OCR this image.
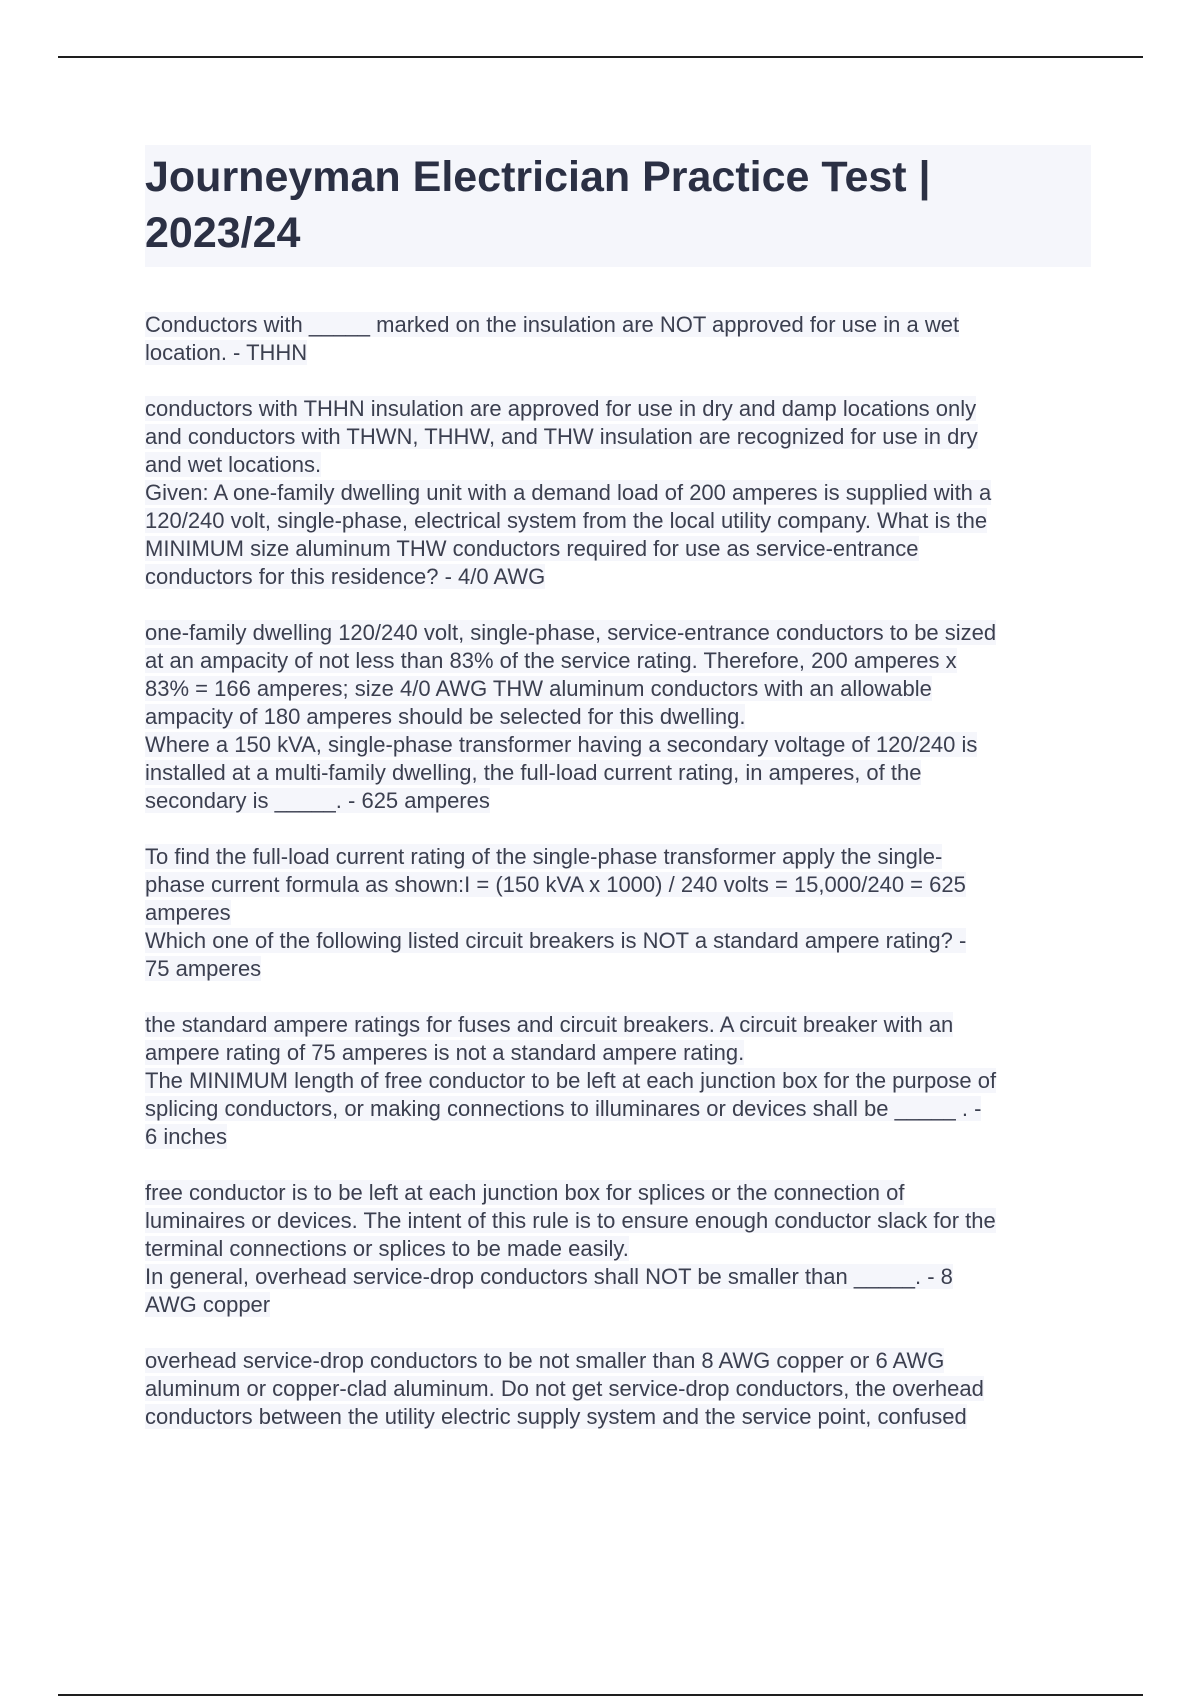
Journeyman Electrician Practice Test |
2023/24
Conductors with _____ marked on the insulation are NOT approved for use in a wet
location. - THHN
conductors with THHN insulation are approved for use in dry and damp locations only
and conductors with THWN, THHW, and THW insulation are recognized for use in dry
and wet locations.
Given: A one-family dwelling unit with a demand load of 200 amperes is supplied with a
120/240 volt, single-phase, electrical system from the local utility company. What is the
MINIMUM size aluminum THW conductors required for use as service-entrance
conductors for this residence? - 4/0 AWG
one-family dwelling 120/240 volt, single-phase, service-entrance conductors to be sized
at an ampacity of not less than 83% of the service rating. Therefore, 200 amperes x
83% = 166 amperes; size 4/0 AWG THW aluminum conductors with an allowable
ampacity of 180 amperes should be selected for this dwelling.
Where a 150 kVA, single-phase transformer having a secondary voltage of 120/240 is
installed at a multi-family dwelling, the full-load current rating, in amperes, of the
secondary is _____. - 625 amperes
To find the full-load current rating of the single-phase transformer apply the single-
phase current formula as shown:I = (150 kVA x 1000) / 240 volts = 15,000/240 = 625
amperes
Which one of the following listed circuit breakers is NOT a standard ampere rating? -
75 amperes
the standard ampere ratings for fuses and circuit breakers. A circuit breaker with an
ampere rating of 75 amperes is not a standard ampere rating.
The MINIMUM length of free conductor to be left at each junction box for the purpose of
splicing conductors, or making connections to illuminares or devices shall be _____ . -
6 inches
free conductor is to be left at each junction box for splices or the connection of
luminaires or devices. The intent of this rule is to ensure enough conductor slack for the
terminal connections or splices to be made easily.
In general, overhead service-drop conductors shall NOT be smaller than _____. - 8
AWG copper
overhead service-drop conductors to be not smaller than 8 AWG copper or 6 AWG
aluminum or copper-clad aluminum. Do not get service-drop conductors, the overhead
conductors between the utility electric supply system and the service point, confused
